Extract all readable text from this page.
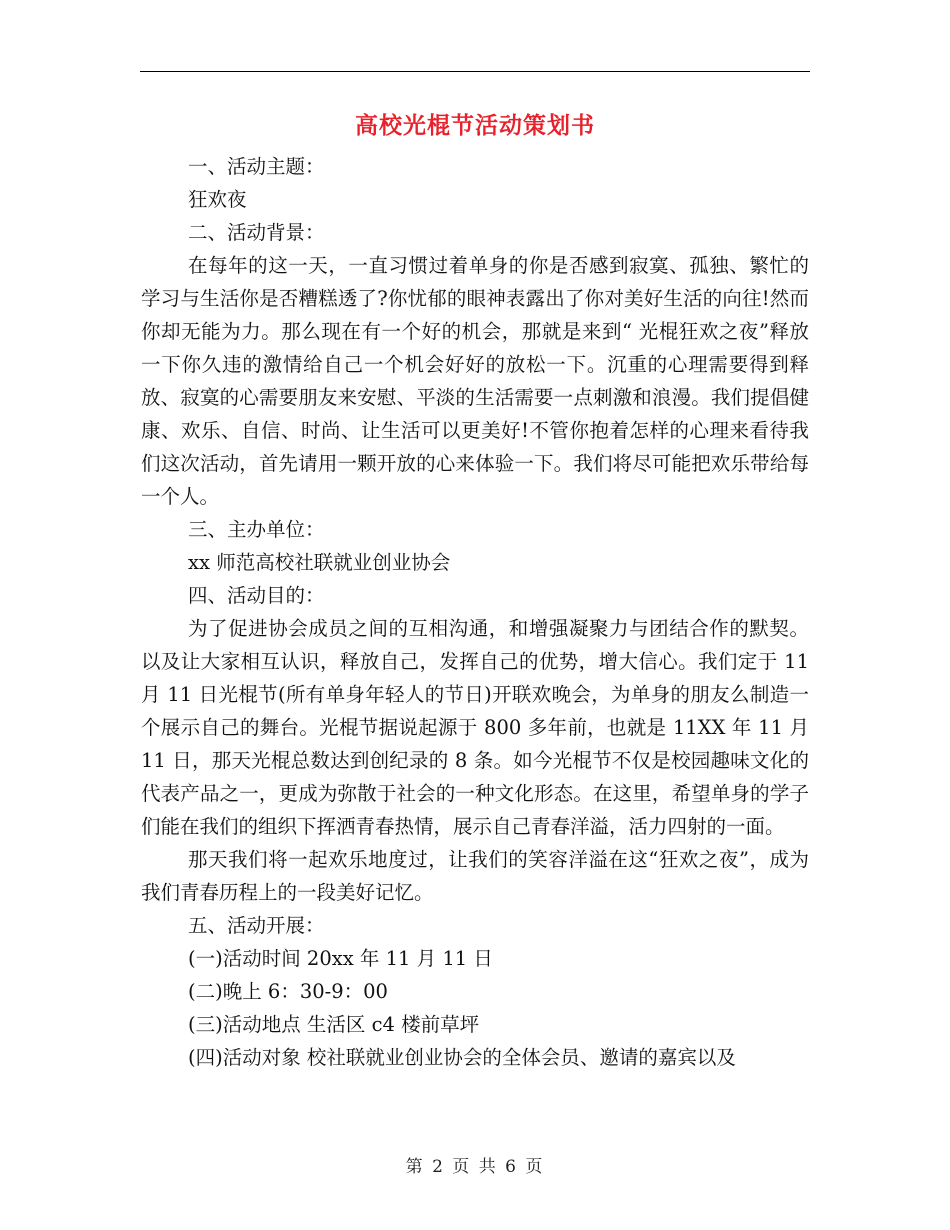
高校光棍节活动策划书

一、活动主题：

狂欢夜

二、活动背景：

在每年的这一天，一直习惯过着单身的你是否感到寂寞、孤独、繁忙的学习与生活你是否糟糕透了?你忧郁的眼神表露出了你对美好生活的向往!然而你却无能为力。那么现在有一个好的机会，那就是来到“ 光棍狂欢之夜”释放一下你久违的激情给自己一个机会好好的放松一下。沉重的心理需要得到释放、寂寞的心需要朋友来安慰、平淡的生活需要一点刺激和浪漫。我们提倡健康、欢乐、自信、时尚、让生活可以更美好!不管你抱着怎样的心理来看待我们这次活动，首先请用一颗开放的心来体验一下。我们将尽可能把欢乐带给每一个人。

三、主办单位：

xx 师范高校社联就业创业协会

四、活动目的：

为了促进协会成员之间的互相沟通，和增强凝聚力与团结合作的默契。以及让大家相互认识，释放自己，发挥自己的优势，增大信心。我们定于 11 月 11 日光棍节(所有单身年轻人的节日)开联欢晚会，为单身的朋友么制造一个展示自己的舞台。光棍节据说起源于 800 多年前，也就是 11XX 年 11 月 11 日，那天光棍总数达到创纪录的 8 条。如今光棍节不仅是校园趣味文化的代表产品之一，更成为弥散于社会的一种文化形态。在这里，希望单身的学子们能在我们的组织下挥洒青春热情，展示自己青春洋溢，活力四射的一面。

那天我们将一起欢乐地度过，让我们的笑容洋溢在这“狂欢之夜”，成为我们青春历程上的一段美好记忆。

五、活动开展：

(一)活动时间 20xx 年 11 月 11 日

(二)晚上 6：30-9：00

(三)活动地点 生活区 c4 楼前草坪

(四)活动对象 校社联就业创业协会的全体会员、邀请的嘉宾以及

第 2 页 共 6 页
